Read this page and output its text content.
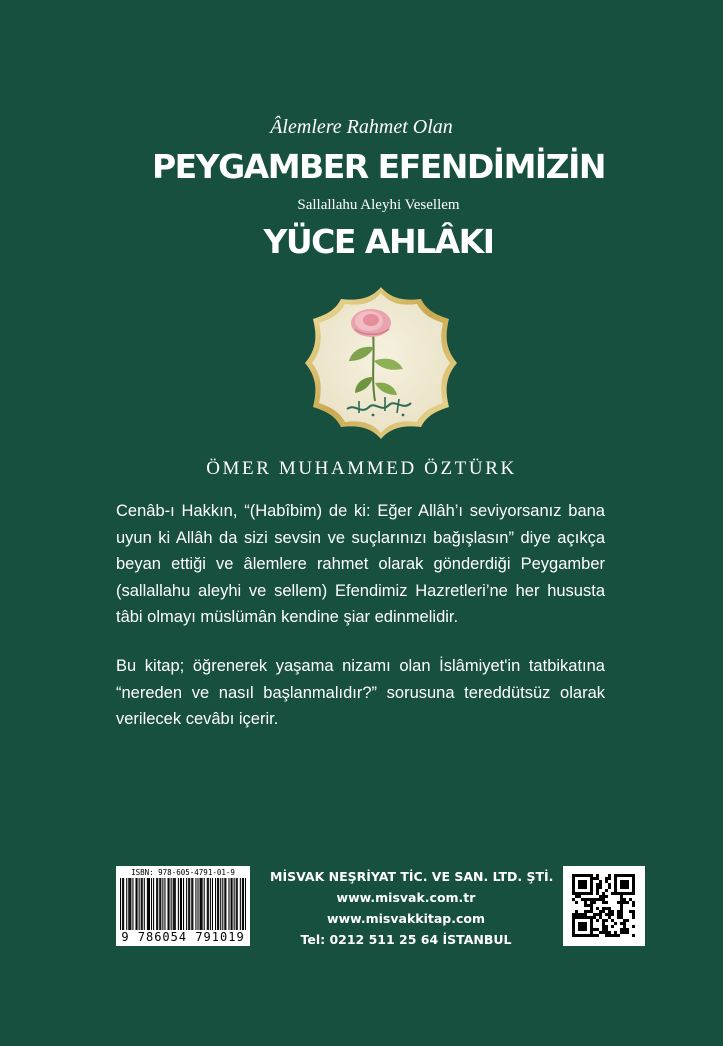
Âlemlere Rahmet Olan
PEYGAMBER EFENDİMİZİN
Sallallahu Aleyhi Vesellem
YÜCE AHLÂKI
ÖMER MUHAMMED ÖZTÜRK
Cenâb-ı Hakkın, “(Habîbim) de ki: Eğer Allâh’ı seviyorsanız bana uyun ki Allâh da sizi sevsin ve suçlarınızı bağışlasın” diye açıkça beyan ettiği ve âlemlere rahmet olarak gönderdiği Peygamber (sallallahu aleyhi ve sellem) Efendimiz Hazretleri’ne her hususta tâbi olmayı müslümân kendine şiar edinmelidir.
Bu kitap; öğrenerek yaşama nizamı olan İslâmiyet'in tatbikatına “nereden ve nasıl başlanmalıdır?” sorusuna tereddütsüz olarak verilecek cevâbı içerir.
ISBN: 978-605-4791-01-9
9 786054 791019
MİSVAK NEŞRİYAT TİC. VE SAN. LTD. ŞTİ.
www.misvak.com.tr
www.misvakkitap.com
Tel: 0212 511 25 64 İSTANBUL
